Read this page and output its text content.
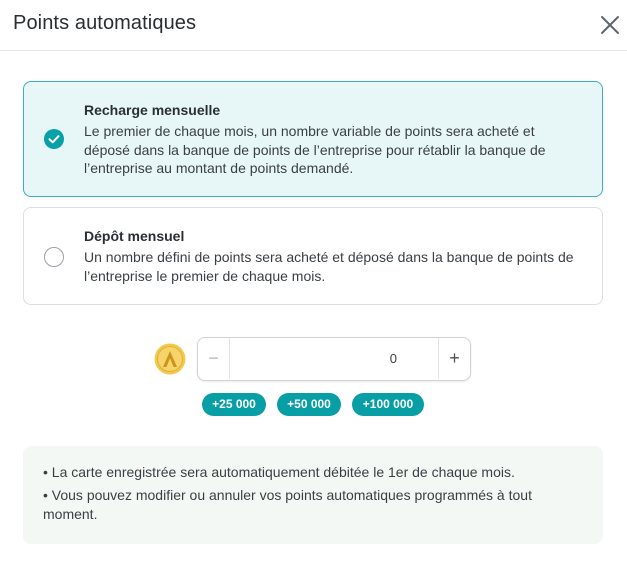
Points automatiques
Recharge mensuelle
Le premier de chaque mois, un nombre variable de points sera acheté et déposé dans la banque de points de l’entreprise pour rétablir la banque de l’entreprise au montant de points demandé.
Dépôt mensuel
Un nombre défini de points sera acheté et déposé dans la banque de points de l’entreprise le premier de chaque mois.
−
0	+
+25 000	+50 000	+100 000
• La carte enregistrée sera automatiquement débitée le 1er de chaque mois.
• Vous pouvez modifier ou annuler vos points automatiques programmés à tout moment.
